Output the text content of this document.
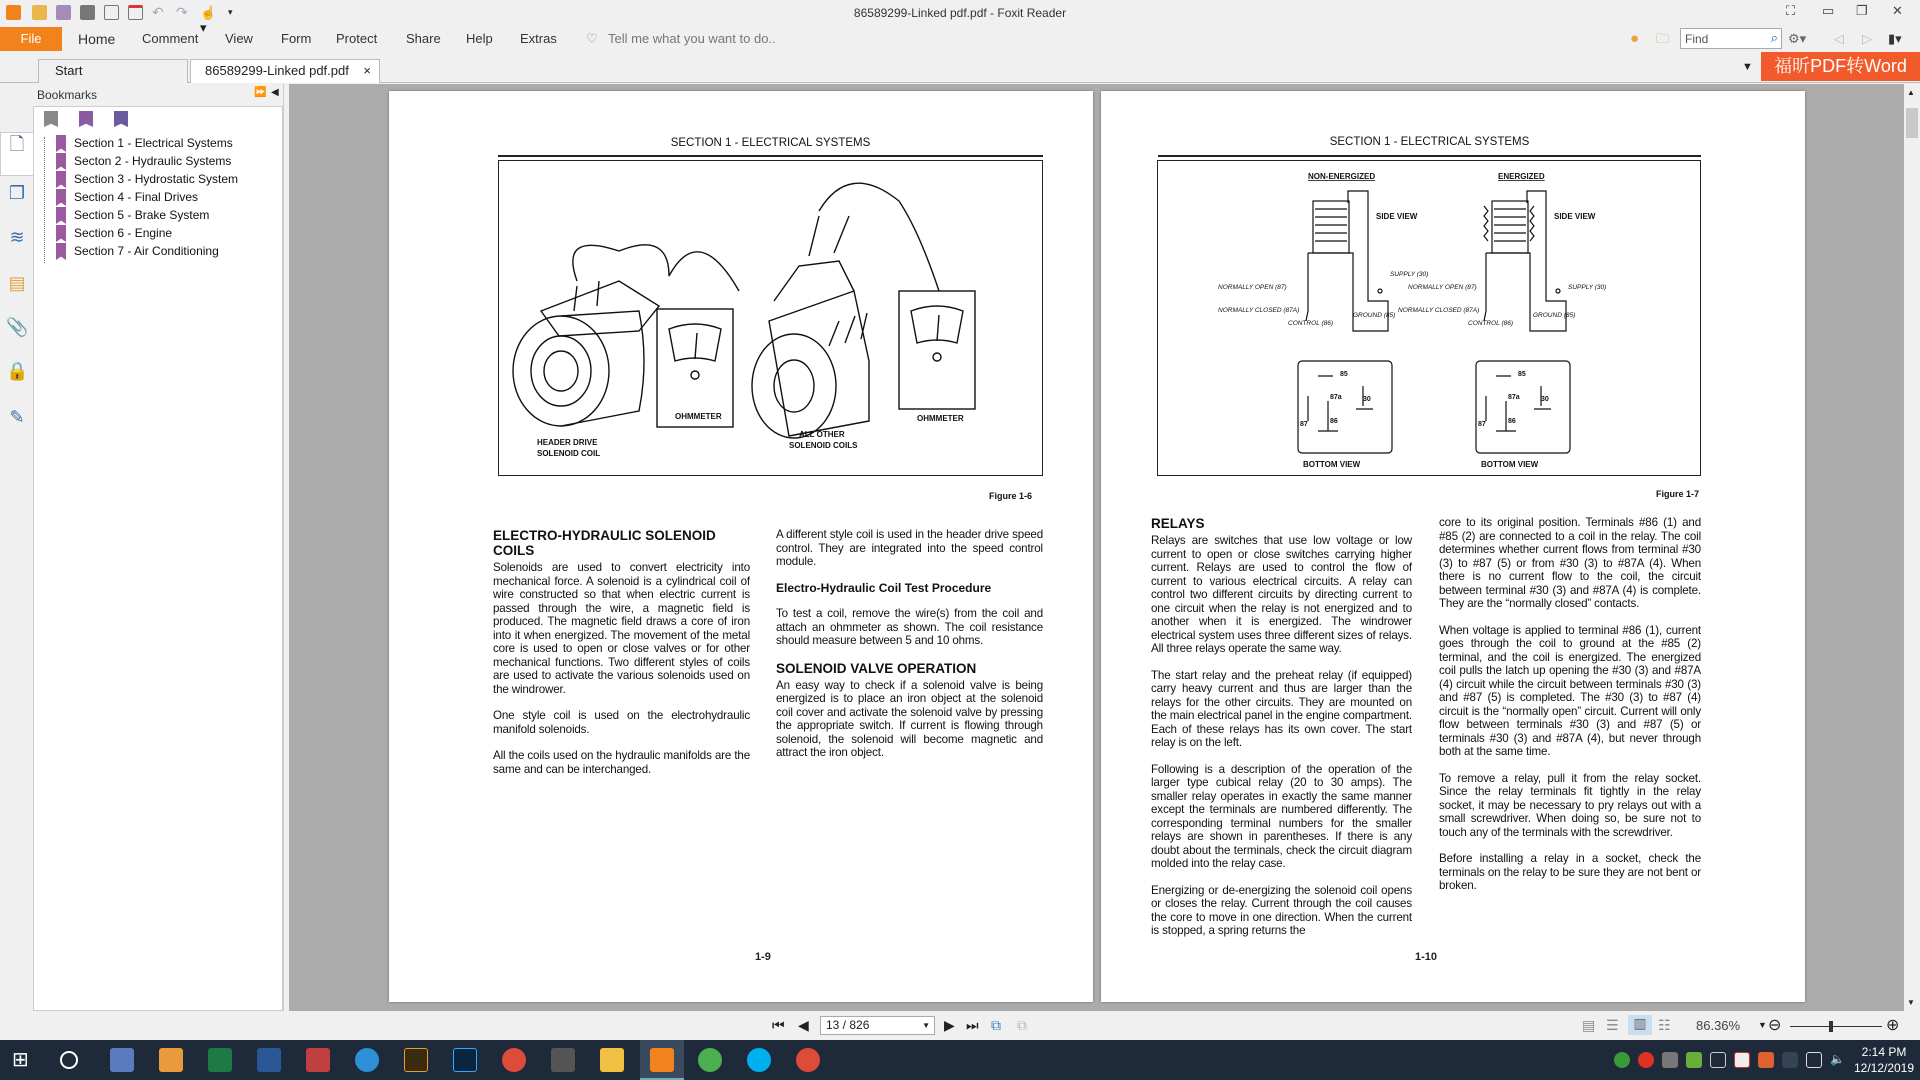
↶ ↷ ☝▾
▾	86589299-Linked pdf.pdf - Foxit Reader	⛶ ▭ ❐ ✕
File	Home Comment View Form Protect Share Help Extras ♡ Tell me what you want to do..	● 🗀 Find	⌕ ⚙▾ ◁ ▷ ▮▾
Start	86589299-Linked pdf.pdf ×	▼	福昕PDF转Word
Bookmarks	⏩ ◀
🗋
❐
≋
▤
📎
🔒
✎
Section 1 - Electrical Systems
Secton 2 - Hydraulic Systems
Section 3 - Hydrostatic System
Section 4 - Final Drives
Section 5 - Brake System
Section 6 - Engine
Section 7 - Air Conditioning
SECTION 1 - ELECTRICAL SYSTEMS
OHMMETER	OHMMETER
HEADER DRIVE
SOLENOID COIL
ALL OTHER
SOLENOID COILS
Figure 1-6
ELECTRO-HYDRAULIC SOLENOID COILS

Solenoids are used to convert electricity into mechanical force. A solenoid is a cylindrical coil of wire constructed so that when electric current is passed through the wire, a magnetic field is produced. The magnetic field draws a core of iron into it when energized. The movement of the metal core is used to open or close valves or for other mechanical functions. Two different styles of coils are used to activate the various solenoids used on the windrower.

One style coil is used on the electrohydraulic manifold solenoids.

All the coils used on the hydraulic manifolds are the same and can be interchanged.

A different style coil is used in the header drive speed control. They are integrated into the speed control module.

Electro-Hydraulic Coil Test Procedure

To test a coil, remove the wire(s) from the coil and attach an ohmmeter as shown. The coil resistance should measure between 5 and 10 ohms.

SOLENOID VALVE OPERATION

An easy way to check if a solenoid valve is being energized is to place an iron object at the solenoid coil cover and activate the solenoid valve by pressing the appropriate switch. If current is flowing through solenoid, the solenoid will become magnetic and attract the iron object.

1-9
SECTION 1 - ELECTRICAL SYSTEMS
NON-ENERGIZED	ENERGIZED
SIDE VIEW	SIDE VIEW
BOTTOM VIEW	BOTTOM VIEW
SUPPLY (30)
SUPPLY (30)
NORMALLY OPEN (87)	NORMALLY OPEN (87)
NORMALLY CLOSED (87A)	NORMALLY CLOSED (87A)
CONTROL (86)	CONTROL (86)
GROUND (85)	GROUND (85)
85
30
87a
87	86
85
30
87a
87	86
Figure 1-7
RELAYS

Relays are switches that use low voltage or low current to open or close switches carrying higher current. Relays are used to control the flow of current to various electrical circuits. A relay can control two different circuits by directing current to one circuit when the relay is not energized and to another when it is energized. The windrower electrical system uses three different sizes of relays. All three relays operate the same way.

The start relay and the preheat relay (if equipped) carry heavy current and thus are larger than the relays for the other circuits. They are mounted on the main electrical panel in the engine compartment. Each of these relays has its own cover. The start relay is on the left.

Following is a description of the operation of the larger type cubical relay (20 to 30 amps). The smaller relay operates in exactly the same manner except the terminals are numbered differently. The corresponding terminal numbers for the smaller relays are shown in parentheses. If there is any doubt about the terminals, check the circuit diagram molded into the relay case.

Energizing or de-energizing the solenoid coil opens or closes the relay. Current through the coil causes the core to move in one direction. When the current is stopped, a spring returns the

core to its original position. Terminals #86 (1) and #85 (2) are connected to a coil in the relay. The coil determines whether current flows from terminal #30 (3) to #87 (5) or from #30 (3) to #87A (4). When there is no current flow to the coil, the circuit between terminal #30 (3) and #87A (4) is complete. They are the “normally closed” contacts.

When voltage is applied to terminal #86 (1), current goes through the coil to ground at the #85 (2) terminal, and the coil is energized. The energized coil pulls the latch up opening the #30 (3) and #87A (4) circuit while the circuit between terminals #30 (3) and #87 (5) is completed. The #30 (3) to #87 (4) circuit is the “normally open” circuit. Current will only flow between terminals #30 (3) and #87 (5) or terminals #30 (3) and #87A (4), but never through both at the same time.

To remove a relay, pull it from the relay socket. Since the relay terminals fit tightly in the relay socket, it may be necessary to pry relays out with a small screwdriver. When doing so, be sure not to touch any of the terminals with the screwdriver.

Before installing a relay in a socket, check the terminals on the relay to be sure they are not bent or broken.

1-10
▲
▼
⏮ ◀	13 / 826	▼ ▶ ⏭ ⧉ ⧉	▤ ☰	▥ ☷ 86.36% ▼ ⊖	⊕
⊞	🔈	2:14 PM
12/12/2019
